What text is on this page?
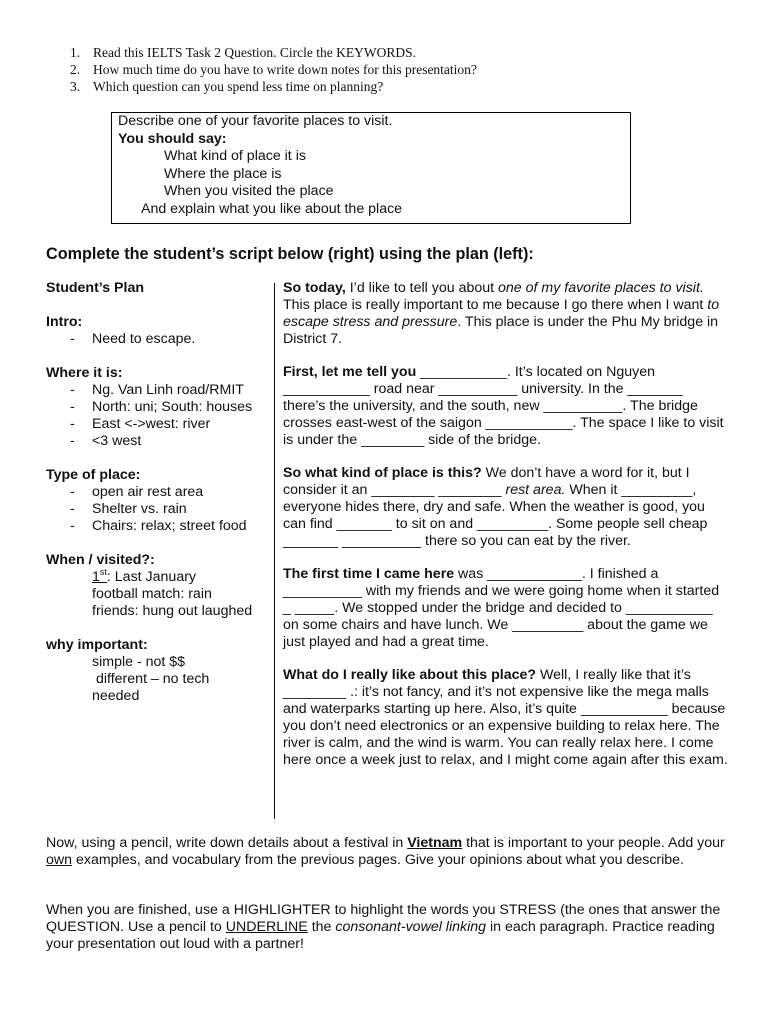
1. Read this IELTS Task 2 Question. Circle the KEYWORDS.
2. How much time do you have to write down notes for this presentation?
3. Which question can you spend less time on planning?
Describe one of your favorite places to visit.
You should say:
What kind of place it is
Where the place is
When you visited the place
And explain what you like about the place
Complete the student’s script below (right) using the plan (left):
Student’s Plan
Intro:
- Need to escape.
Where it is:
- Ng. Van Linh road/RMIT
- North: uni; South: houses
- East <->west: river
- <3 west
Type of place:
- open air rest area
- Shelter vs. rain
- Chairs: relax; street food
When / visited?:
1st: Last January
football match: rain
friends: hung out laughed
why important:
simple - not $$
different – no tech
needed

So today, I’d like to tell you about one of my favorite places to visit. This place is really important to me because I go there when I want to escape stress and pressure. This place is under the Phu My bridge in District 7.

First, let me tell you ___________. It’s located on Nguyen ___________ road near __________ university. In the _______ there’s the university, and the south, new __________. The bridge crosses east-west of the saigon ___________. The space I like to visit is under the ________ side of the bridge.

So what kind of place is this? We don’t have a word for it, but I consider it an ________ ________ rest area. When it _________, everyone hides there, dry and safe. When the weather is good, you can find _______ to sit on and _________. Some people sell cheap _______ __________ there so you can eat by the river.

The first time I came here was ____________. I finished a __________ with my friends and we were going home when it started _ _____. We stopped under the bridge and decided to ___________ on some chairs and have lunch. We _________ about the game we just played and had a great time.

What do I really like about this place? Well, I really like that it’s ________ .: it’s not fancy, and it’s not expensive like the mega malls and waterparks starting up here. Also, it’s quite ___________ because you don’t need electronics or an expensive building to relax here. The river is calm, and the wind is warm. You can really relax here. I come here once a week just to relax, and I might come again after this exam.

Now, using a pencil, write down details about a festival in Vietnam that is important to your people. Add your own examples, and vocabulary from the previous pages. Give your opinions about what you describe.

When you are finished, use a HIGHLIGHTER to highlight the words you STRESS (the ones that answer the QUESTION. Use a pencil to UNDERLINE the consonant-vowel linking in each paragraph. Practice reading your presentation out loud with a partner!
